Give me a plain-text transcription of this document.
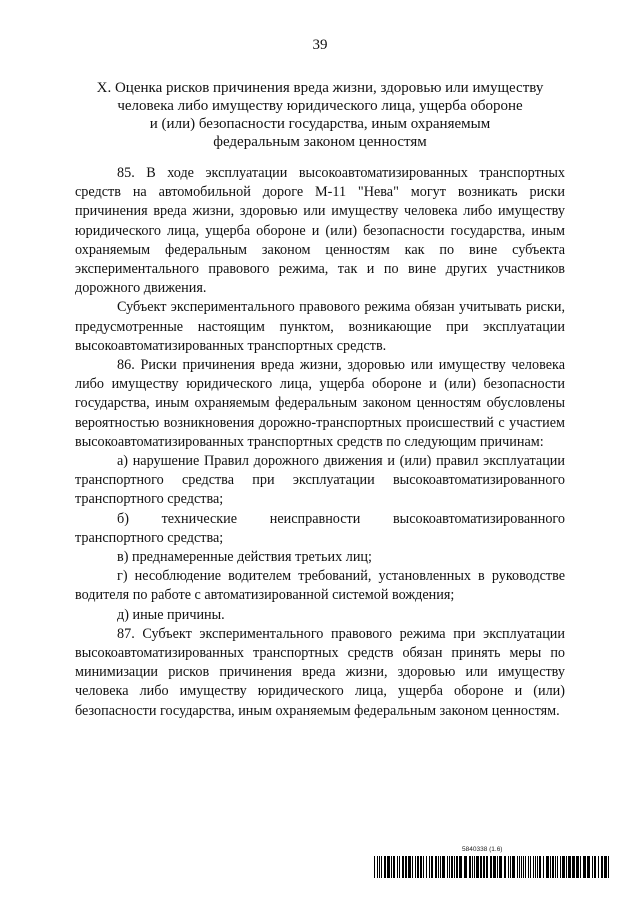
39
X. Оценка рисков причинения вреда жизни, здоровью или имуществу
человека либо имуществу юридического лица, ущерба обороне
и (или) безопасности государства, иным охраняемым
федеральным законом ценностям

85. В ходе эксплуатации высокоавтоматизированных транспортных средств на автомобильной дороге М-11 "Нева" могут возникать риски причинения вреда жизни, здоровью или имуществу человека либо имуществу юридического лица, ущерба обороне и (или) безопасности государства, иным охраняемым федеральным законом ценностям как по вине субъекта экспериментального правового режима, так и по вине других участников дорожного движения.

Субъект экспериментального правового режима обязан учитывать риски, предусмотренные настоящим пунктом, возникающие при эксплуатации высокоавтоматизированных транспортных средств.

86. Риски причинения вреда жизни, здоровью или имуществу человека либо имуществу юридического лица, ущерба обороне и (или) безопасности государства, иным охраняемым федеральным законом ценностям обусловлены вероятностью возникновения дорожно-транспортных происшествий с участием высокоавтоматизированных транспортных средств по следующим причинам:

а) нарушение Правил дорожного движения и (или) правил эксплуатации транспортного средства при эксплуатации высокоавтоматизированного транспортного средства;

б) технические неисправности высокоавтоматизированного транспортного средства;

в) преднамеренные действия третьих лиц;

г) несоблюдение водителем требований, установленных в руководстве водителя по работе с автоматизированной системой вождения;

д) иные причины.

87. Субъект экспериментального правового режима при эксплуатации высокоавтоматизированных транспортных средств обязан принять меры по минимизации рисков причинения вреда жизни, здоровью или имуществу человека либо имуществу юридического лица, ущерба обороне и (или) безопасности государства, иным охраняемым федеральным законом ценностям.

5840338 (1.6)
